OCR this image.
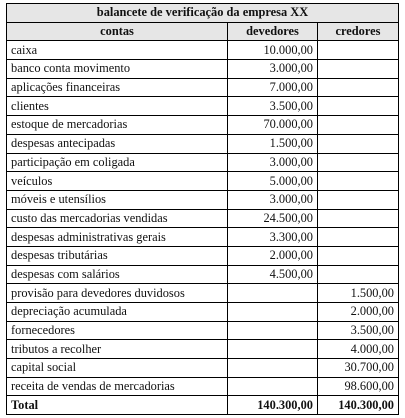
balancete de verificação da empresa XX		
contas	devedores	credores
caixa	10.000,00	
banco conta movimento	3.000,00	
aplicações financeiras	7.000,00	
clientes	3.500,00	
estoque de mercadorias	70.000,00	
despesas antecipadas	1.500,00	
participação em coligada	3.000,00	
veículos	5.000,00	
móveis e utensílios	3.000,00	
custo das mercadorias vendidas	24.500,00	
despesas administrativas gerais	3.300,00	
despesas tributárias	2.000,00	
despesas com salários	4.500,00	
provisão para devedores duvidosos		1.500,00
depreciação acumulada		2.000,00
fornecedores		3.500,00
tributos a recolher		4.000,00
capital social		30.700,00
receita de vendas de mercadorias		98.600,00
Total	140.300,00	140.300,00
